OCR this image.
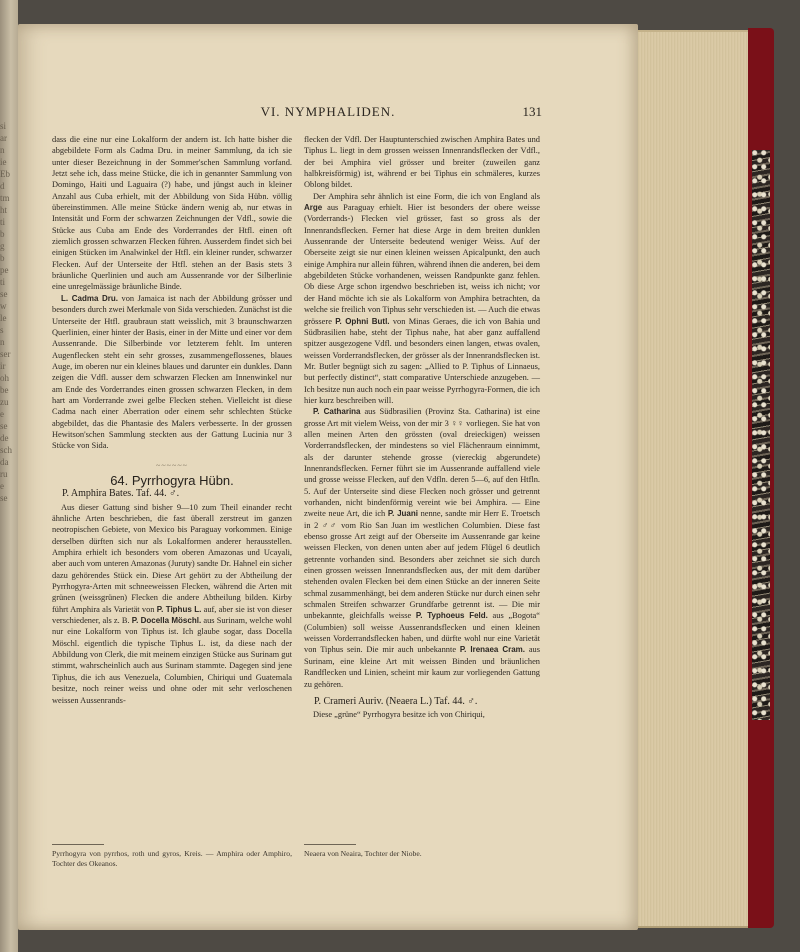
si
ar
n
ie
Eb
d
tm
ht
ti
b
g
b
pe
ti
se
w
le
s
n
ser
ir
oh
be
zu
e
se
de
sch
da
ru
e
se
VI. NYMPHALIDEN.	131

dass die eine nur eine Lokalform der andern ist. Ich hatte bisher die abgebildete Form als Cadma Dru. in meiner Sammlung, da ich sie unter dieser Bezeichnung in der Sommer'schen Sammlung vorfand. Jetzt sehe ich, dass meine Stücke, die ich in genannter Sammlung von Domingo, Haiti und Laguaira (?) habe, und jüngst auch in kleiner Anzahl aus Cuba erhielt, mit der Abbildung von Sida Hübn. völlig übereinstimmen. Alle meine Stücke ändern wenig ab, nur etwas in Intensität und Form der schwarzen Zeichnungen der Vdfl., sowie die Stücke aus Cuba am Ende des Vorderrandes der Htfl. einen oft ziemlich grossen schwarzen Flecken führen. Ausserdem findet sich bei einigen Stücken im Analwinkel der Htfl. ein kleiner runder, schwarzer Flecken. Auf der Unterseite der Htfl. stehen an der Basis stets 3 bräunliche Querlinien und auch am Aussenrande vor der Silberlinie eine unregelmässige bräunliche Binde.

L. Cadma Dru. von Jamaica ist nach der Abbildung grösser und besonders durch zwei Merkmale von Sida verschieden. Zunächst ist die Unterseite der Htfl. graubraun statt weisslich, mit 3 braunschwarzen Querlinien, einer hinter der Basis, einer in der Mitte und einer vor dem Aussenrande. Die Silberbinde vor letzterem fehlt. Im unteren Augenflecken steht ein sehr grosses, zusammengeflossenes, blaues Auge, im oberen nur ein kleines blaues und darunter ein dunkles. Dann zeigen die Vdfl. ausser dem schwarzen Flecken am Innenwinkel nur am Ende des Vorderrandes einen grossen schwarzen Flecken, in dem hart am Vorderrande zwei gelbe Flecken stehen. Vielleicht ist diese Cadma nach einer Aberration oder einem sehr schlechten Stücke abgebildet, das die Phantasie des Malers verbesserte. In der grossen Hewitson'schen Sammlung steckten aus der Gattung Lucinia nur 3 Stücke von Sida.

~~~~~~
64. Pyrrhogyra Hübn.
P. Amphira Bates. Taf. 44. ♂.

Aus dieser Gattung sind bisher 9—10 zum Theil einander recht ähnliche Arten beschrieben, die fast überall zerstreut im ganzen neotropischen Gebiete, von Mexico bis Paraguay vorkommen. Einige derselben dürften sich nur als Lokalformen anderer herausstellen. Amphira erhielt ich besonders vom oberen Amazonas und Ucayali, aber auch vom unteren Amazonas (Juruty) sandte Dr. Hahnel ein sicher dazu gehörendes Stück ein. Diese Art gehört zu der Abtheilung der Pyrrhogyra-Arten mit schneeweissen Flecken, während die Arten mit grünen (weissgrünen) Flecken die andere Abtheilung bilden. Kirby führt Amphira als Varietät von P. Tiphus L. auf, aber sie ist von dieser verschiedener, als z. B. P. Docella Möschl. aus Surinam, welche wohl nur eine Lokalform von Tiphus ist. Ich glaube sogar, dass Docella Möschl. eigentlich die typische Tiphus L. ist, da diese nach der Abbildung von Clerk, die mit meinem einzigen Stücke aus Surinam gut stimmt, wahrscheinlich auch aus Surinam stammte. Dagegen sind jene Tiphus, die ich aus Venezuela, Columbien, Chiriqui und Guatemala besitze, noch reiner weiss und ohne oder mit sehr verloschenen weissen Aussenrands-

Pyrrhogyra von pyrrhos, roth und gyros, Kreis. — Amphira oder Amphiro, Tochter des Okeanos.

flecken der Vdfl. Der Hauptunterschied zwischen Amphira Bates und Tiphus L. liegt in dem grossen weissen Innenrandsflecken der Vdfl., der bei Amphira viel grösser und breiter (zuweilen ganz halbkreisförmig) ist, während er bei Tiphus ein schmäleres, kurzes Oblong bildet.

Der Amphira sehr ähnlich ist eine Form, die ich von England als Arge aus Paraguay erhielt. Hier ist besonders der obere weisse (Vorderrands-) Flecken viel grösser, fast so gross als der Innenrandsflecken. Ferner hat diese Arge in dem breiten dunklen Aussenrande der Unterseite bedeutend weniger Weiss. Auf der Oberseite zeigt sie nur einen kleinen weissen Apicalpunkt, den auch einige Amphira nur allein führen, während ihnen die anderen, bei dem abgebildeten Stücke vorhandenen, weissen Randpunkte ganz fehlen. Ob diese Arge schon irgendwo beschrieben ist, weiss ich nicht; vor der Hand möchte ich sie als Lokalform von Amphira betrachten, da welche sie freilich von Tiphus sehr verschieden ist. — Auch die etwas grössere P. Ophni Butl. von Minas Geraes, die ich von Bahia und Südbrasilien habe, steht der Tiphus nahe, hat aber ganz auffallend spitzer ausgezogene Vdfl. und besonders einen langen, etwas ovalen, weissen Vorderrandsflecken, der grösser als der Innenrandsflecken ist. Mr. Butler begnügt sich zu sagen: „Allied to P. Tiphus of Linnaeus, but perfectly distinct“, statt comparative Unterschiede anzugeben. — Ich besitze nun auch noch ein paar weisse Pyrrhogyra-Formen, die ich hier kurz beschreiben will.

P. Catharina aus Südbrasilien (Provinz Sta. Catharina) ist eine grosse Art mit vielem Weiss, von der mir 3 ♀♀ vorliegen. Sie hat von allen meinen Arten den grössten (oval dreieckigen) weissen Vorderrandsflecken, der mindestens so viel Flächenraum einnimmt, als der darunter stehende grosse (viereckig abgerundete) Innenrandsflecken. Ferner führt sie im Aussenrande auffallend viele und grosse weisse Flecken, auf den Vdfln. deren 5—6, auf den Htfln. 5. Auf der Unterseite sind diese Flecken noch grösser und getrennt vorhanden, nicht bindenförmig vereint wie bei Amphira. — Eine zweite neue Art, die ich P. Juani nenne, sandte mir Herr E. Troetsch in 2 ♂♂ vom Rio San Juan im westlichen Columbien. Diese fast ebenso grosse Art zeigt auf der Oberseite im Aussenrande gar keine weissen Flecken, von denen unten aber auf jedem Flügel 6 deutlich getrennte vorhanden sind. Besonders aber zeichnet sie sich durch einen grossen weissen Innenrandsflecken aus, der mit dem darüber stehenden ovalen Flecken bei dem einen Stücke an der inneren Seite schmal zusammenhängt, bei dem anderen Stücke nur durch einen sehr schmalen Streifen schwarzer Grundfarbe getrennt ist. — Die mir unbekannte, gleichfalls weisse P. Typhoeus Feld. aus „Bogota“ (Columbien) soll weisse Aussenrandsflecken und einen kleinen weissen Vorderrandsflecken haben, und dürfte wohl nur eine Varietät von Tiphus sein. Die mir auch unbekannte P. Irenaea Cram. aus Surinam, eine kleine Art mit weissen Binden und bräunlichen Randflecken und Linien, scheint mir kaum zur vorliegenden Gattung zu gehören.

P. Crameri Auriv. (Neaera L.) Taf. 44. ♂.

Diese „grüne“ Pyrrhogyra besitze ich von Chiriqui,

Neaera von Neaira, Tochter der Niobe.
